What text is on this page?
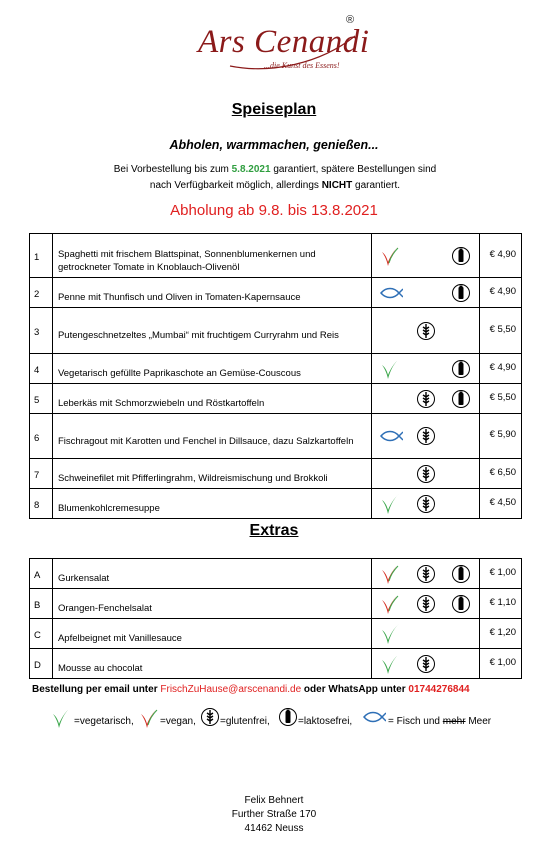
Ars Cenandi
®
...die Kunst des Essens!
Speiseplan
Abholen, warmmachen, genießen...
Bei Vorbestellung bis zum 5.8.2021 garantiert, spätere Bestellungen sind
nach Verfügbarkeit möglich, allerdings NICHT garantiert.
Abholung ab 9.8. bis 13.8.2021
1	Spaghetti mit frischem Blattspinat, Sonnenblumenkernen und getrockneter Tomate in Knoblauch-Olivenöl				€ 4,90
2	Penne mit Thunfisch und Oliven in Tomaten-Kapernsauce				€ 4,90
3	Putengeschnetzeltes „Mumbai“ mit fruchtigem Curryrahm und Reis				€ 5,50
4	Vegetarisch gefüllte Paprikaschote an Gemüse-Couscous				€ 4,90
5	Leberkäs mit Schmorzwiebeln und Röstkartoffeln				€ 5,50
6	Fischragout mit Karotten und Fenchel in Dillsauce, dazu Salzkartoffeln				€ 5,90
7	Schweinefilet mit Pfifferlingrahm, Wildreismischung und Brokkoli				€ 6,50
8	Blumenkohlcremesuppe				€ 4,50
Extras
A	Gurkensalat				€ 1,00
B	Orangen-Fenchelsalat				€ 1,10
C	Apfelbeignet mit Vanillesauce				€ 1,20
D	Mousse au chocolat				€ 1,00
Bestellung per email unter FrischZuHause@arscenandi.de oder WhatsApp unter 01744276844
=vegetarisch,	=vegan, =glutenfrei,	=laktosefrei,	= Fisch und mehr Meer
Felix Behnert
Further Straße 170
41462 Neuss
